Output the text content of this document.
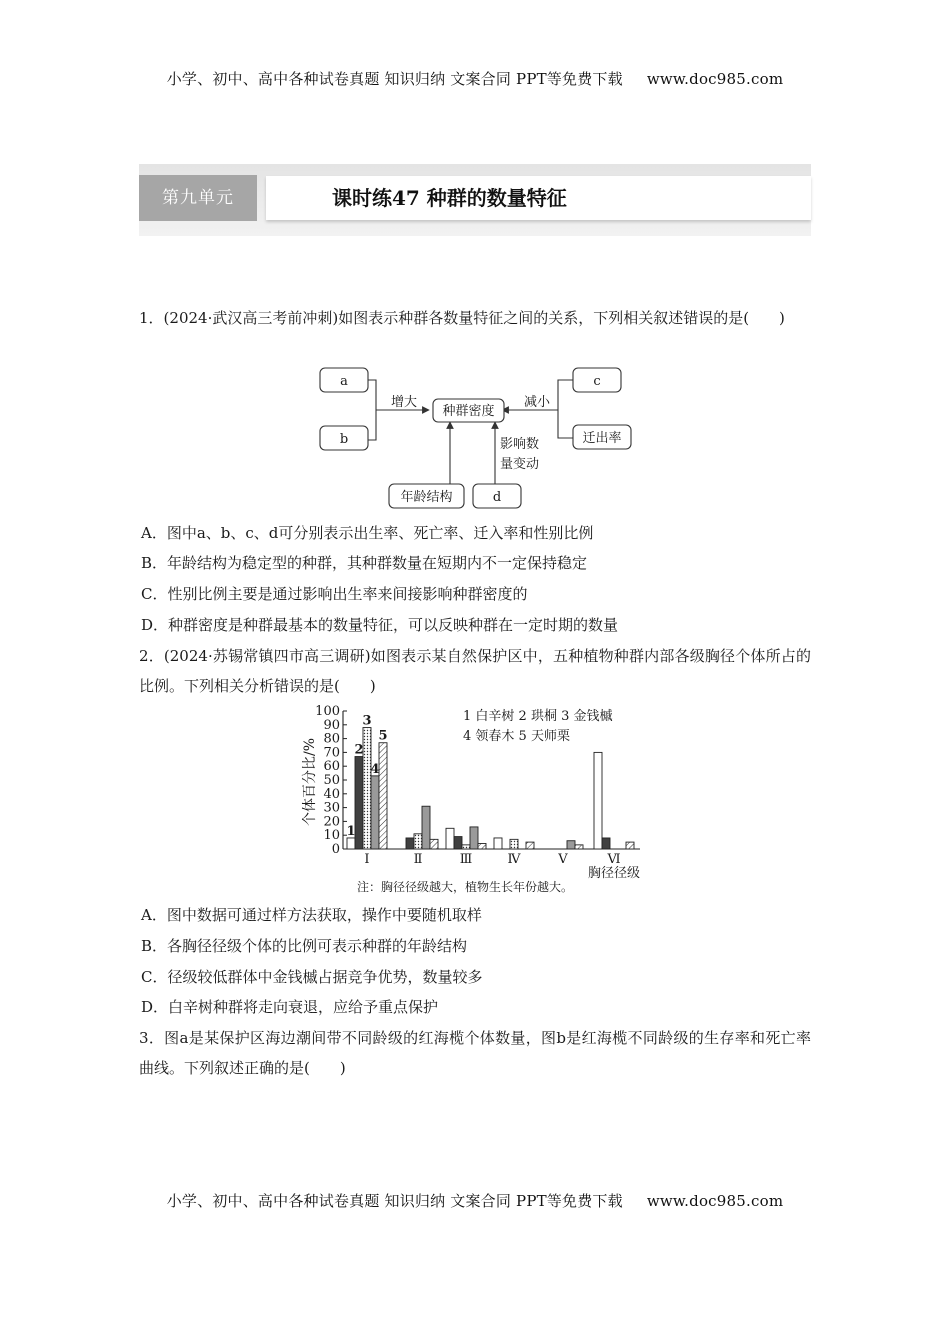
小学、初中、高中各种试卷真题 知识归纳 文案合同 PPT等免费下载 www.doc985.com
第九单元	课时练47 种群的数量特征

1．(2024·武汉高三考前冲刺)如图表示种群各数量特征之间的关系，下列相关叙述错误的是(　　)

a
b
种群密度
c
迁出率
年龄结构	d
增大	减小
影响数
量变动

A．图中a、b、c、d可分别表示出生率、死亡率、迁入率和性别比例

B．年龄结构为稳定型的种群，其种群数量在短期内不一定保持稳定

C．性别比例主要是通过影响出生率来间接影响种群密度的

D．种群密度是种群最基本的数量特征，可以反映种群在一定时期的数量

2．(2024·苏锡常镇四市高三调研)如图表示某自然保护区中，五种植物种群内部各级胸径个体所占的比例。下列相关分析错误的是(　　)

个体百分比/%
0
10
20
30
40
50
60
70
80
90
100
1
2
3
4
5
Ⅰ	Ⅱ	Ⅲ	Ⅳ	Ⅴ	Ⅵ
1 白辛树 2 珙桐 3 金钱槭
4 领春木 5 天师栗
胸径径级
注：胸径径级越大，植物生长年份越大。

A．图中数据可通过样方法获取，操作中要随机取样

B．各胸径径级个体的比例可表示种群的年龄结构

C．径级较低群体中金钱槭占据竞争优势，数量较多

D．白辛树种群将走向衰退，应给予重点保护

3．图a是某保护区海边潮间带不同龄级的红海榄个体数量，图b是红海榄不同龄级的生存率和死亡率曲线。下列叙述正确的是(　　)

小学、初中、高中各种试卷真题 知识归纳 文案合同 PPT等免费下载 www.doc985.com
